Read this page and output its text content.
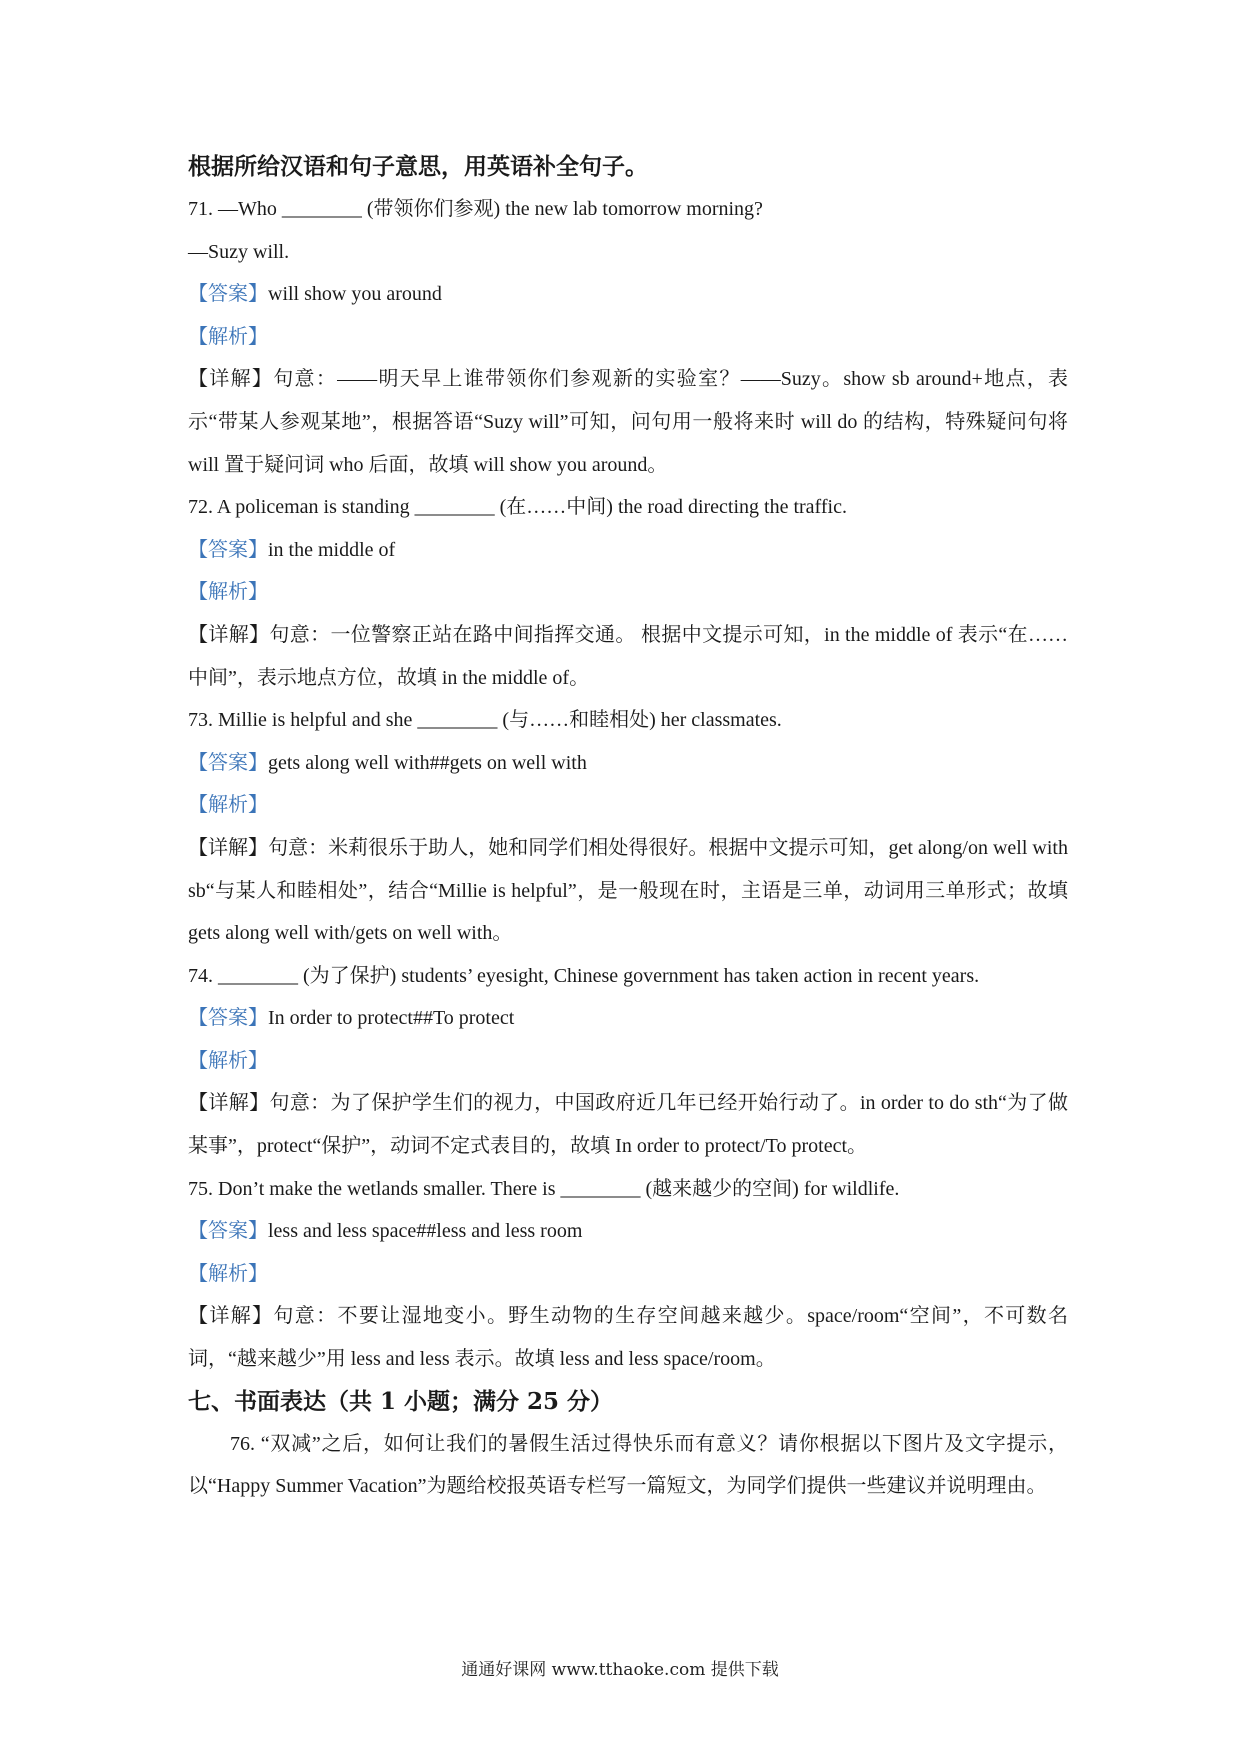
根据所给汉语和句子意思，用英语补全句子。

71. —Who ________ (带领你们参观) the new lab tomorrow morning?

—Suzy will.

【答案】will show you around

【解析】

【详解】句意：——明天早上谁带领你们参观新的实验室？——Suzy。show sb around+地点，表示“带某人参观某地”，根据答语“Suzy will”可知，问句用一般将来时 will do 的结构，特殊疑问句将 will 置于疑问词 who 后面，故填 will show you around。

72. A policeman is standing ________ (在……中间) the road directing the traffic.

【答案】in the middle of

【解析】

【详解】句意：一位警察正站在路中间指挥交通。 根据中文提示可知，in the middle of 表示“在……中间”，表示地点方位，故填 in the middle of。

73. Millie is helpful and she ________ (与……和睦相处) her classmates.

【答案】gets along well with##gets on well with

【解析】

【详解】句意：米莉很乐于助人，她和同学们相处得很好。根据中文提示可知，get along/on well with sb“与某人和睦相处”，结合“Millie is helpful”，是一般现在时，主语是三单，动词用三单形式；故填 gets along well with/gets on well with。

74. ________ (为了保护) students’ eyesight, Chinese government has taken action in recent years.

【答案】In order to protect##To protect

【解析】

【详解】句意：为了保护学生们的视力，中国政府近几年已经开始行动了。in order to do sth“为了做某事”，protect“保护”，动词不定式表目的，故填 In order to protect/To protect。

75. Don’t make the wetlands smaller. There is ________ (越来越少的空间) for wildlife.

【答案】less and less space##less and less room

【解析】

【详解】句意：不要让湿地变小。野生动物的生存空间越来越少。space/room“空间”，不可数名词，“越来越少”用 less and less 表示。故填 less and less space/room。

七、书面表达（共 1 小题；满分 25 分）

76. “双减”之后，如何让我们的暑假生活过得快乐而有意义？请你根据以下图片及文字提示，以“Happy Summer Vacation”为题给校报英语专栏写一篇短文，为同学们提供一些建议并说明理由。

通通好课网 www.tthaoke.com 提供下载
